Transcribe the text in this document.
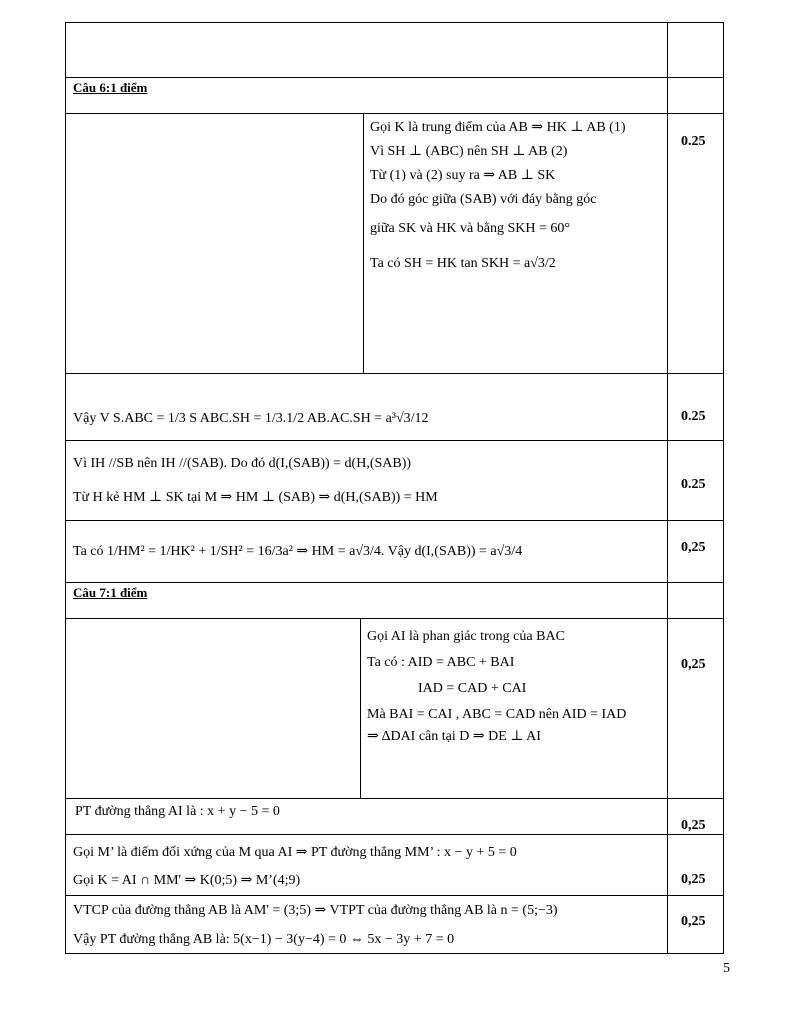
Câu 6:1 điểm
Câu 7:1 điểm
Gọi K là trung điểm của AB ⇒ HK ⊥ AB (1)
Vì SH ⊥ (ABC) nên SH ⊥ AB (2)
Từ (1) và (2) suy ra ⇒ AB ⊥ SK
Do đó góc giữa (SAB) với đáy bằng góc
giữa SK và HK và bằng SKH = 60°
Ta có SH = HK tan SKH = a√3/2
Vậy V S.ABC = 1/3 S ABC.SH = 1/3.1/2 AB.AC.SH = a³√3/12
Vì IH //SB nên IH //(SAB). Do đó d(I,(SAB)) = d(H,(SAB))
Từ H kẻ HM ⊥ SK tại M ⇒ HM ⊥ (SAB) ⇒ d(H,(SAB)) = HM
Ta có 1/HM² = 1/HK² + 1/SH² = 16/3a² ⇒ HM = a√3/4. Vậy d(I,(SAB)) = a√3/4
Gọi AI là phan giác trong của BAC
Ta có : AID = ABC + BAI
IAD = CAD + CAI
Mà BAI = CAI , ABC = CAD nên AID = IAD
⇒ ΔDAI cân tại D ⇒ DE ⊥ AI
PT đường thẳng AI là : x + y − 5 = 0
Gọi M’ là điểm đối xứng của M qua AI ⇒ PT đường thẳng MM’ : x − y + 5 = 0
Gọi K = AI ∩ MM' ⇒ K(0;5) ⇒ M’(4;9)
VTCP của đường thẳng AB là AM' = (3;5) ⇒ VTPT của đường thẳng AB là n = (5;−3)
Vậy PT đường thẳng AB là: 5(x−1) − 3(y−4) = 0 ⇔ 5x − 3y + 7 = 0
0.25
0.25
0.25
0,25
0,25
0,25
0,25
0,25
5
